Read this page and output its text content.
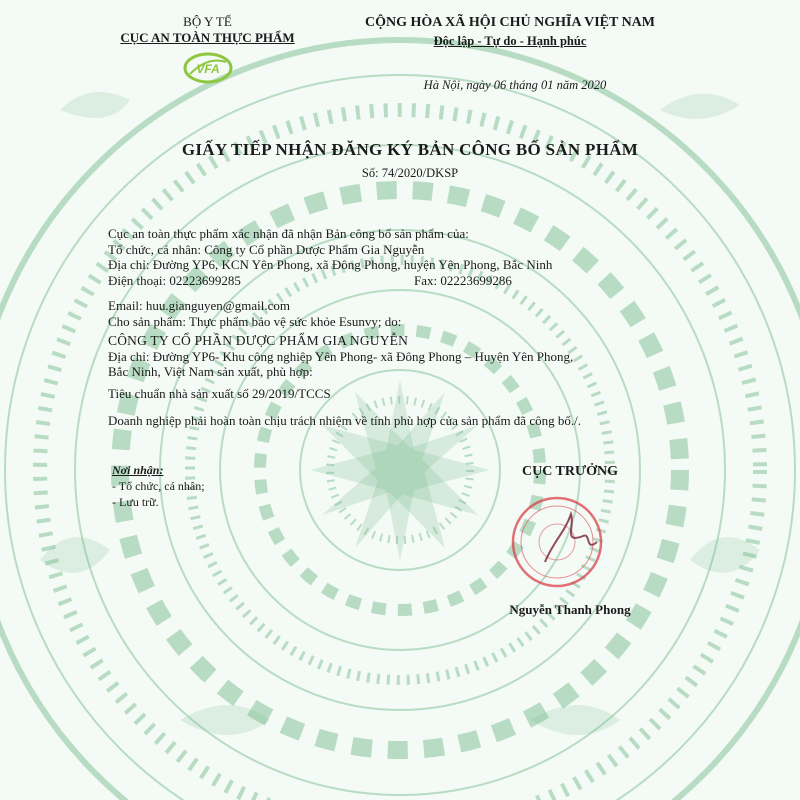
BỘ Y TẾ
CỤC AN TOÀN THỰC PHẨM
VFA
CỘNG HÒA XÃ HỘI CHỦ NGHĨA VIỆT NAM
Độc lập - Tự do - Hạnh phúc
Hà Nội, ngày 06 tháng 01 năm 2020
GIẤY TIẾP NHẬN ĐĂNG KÝ BẢN CÔNG BỐ SẢN PHẨM
Số: 74/2020/DKSP

Cục an toàn thực phẩm xác nhận đã nhận Bản công bố sản phẩm của:

Tổ chức, cá nhân: Công ty Cổ phần Dược Phẩm Gia Nguyễn

Địa chỉ: Đường YP6, KCN Yên Phong, xã Đông Phong, huyện Yên Phong, Bắc Ninh

Điện thoại: 02223699285	Fax: 02223699286

Email: huu.gianguyen@gmail.com

Cho sản phẩm: Thực phẩm bảo vệ sức khỏe Esunvy; do:

CÔNG TY CỔ PHẦN DƯỢC PHẨM GIA NGUYỄN

Địa chỉ: Đường YP6- Khu công nghiệp Yên Phong- xã Đông Phong – Huyện Yên Phong,

Bắc Ninh, Việt Nam sản xuất, phù hợp:

Tiêu chuẩn nhà sản xuất số 29/2019/TCCS

Doanh nghiệp phải hoàn toàn chịu trách nhiệm về tính phù hợp của sản phẩm đã công bố./.

Nơi nhận:
- Tổ chức, cá nhân;
- Lưu trữ.
CỤC TRƯỞNG
Nguyễn Thanh Phong
